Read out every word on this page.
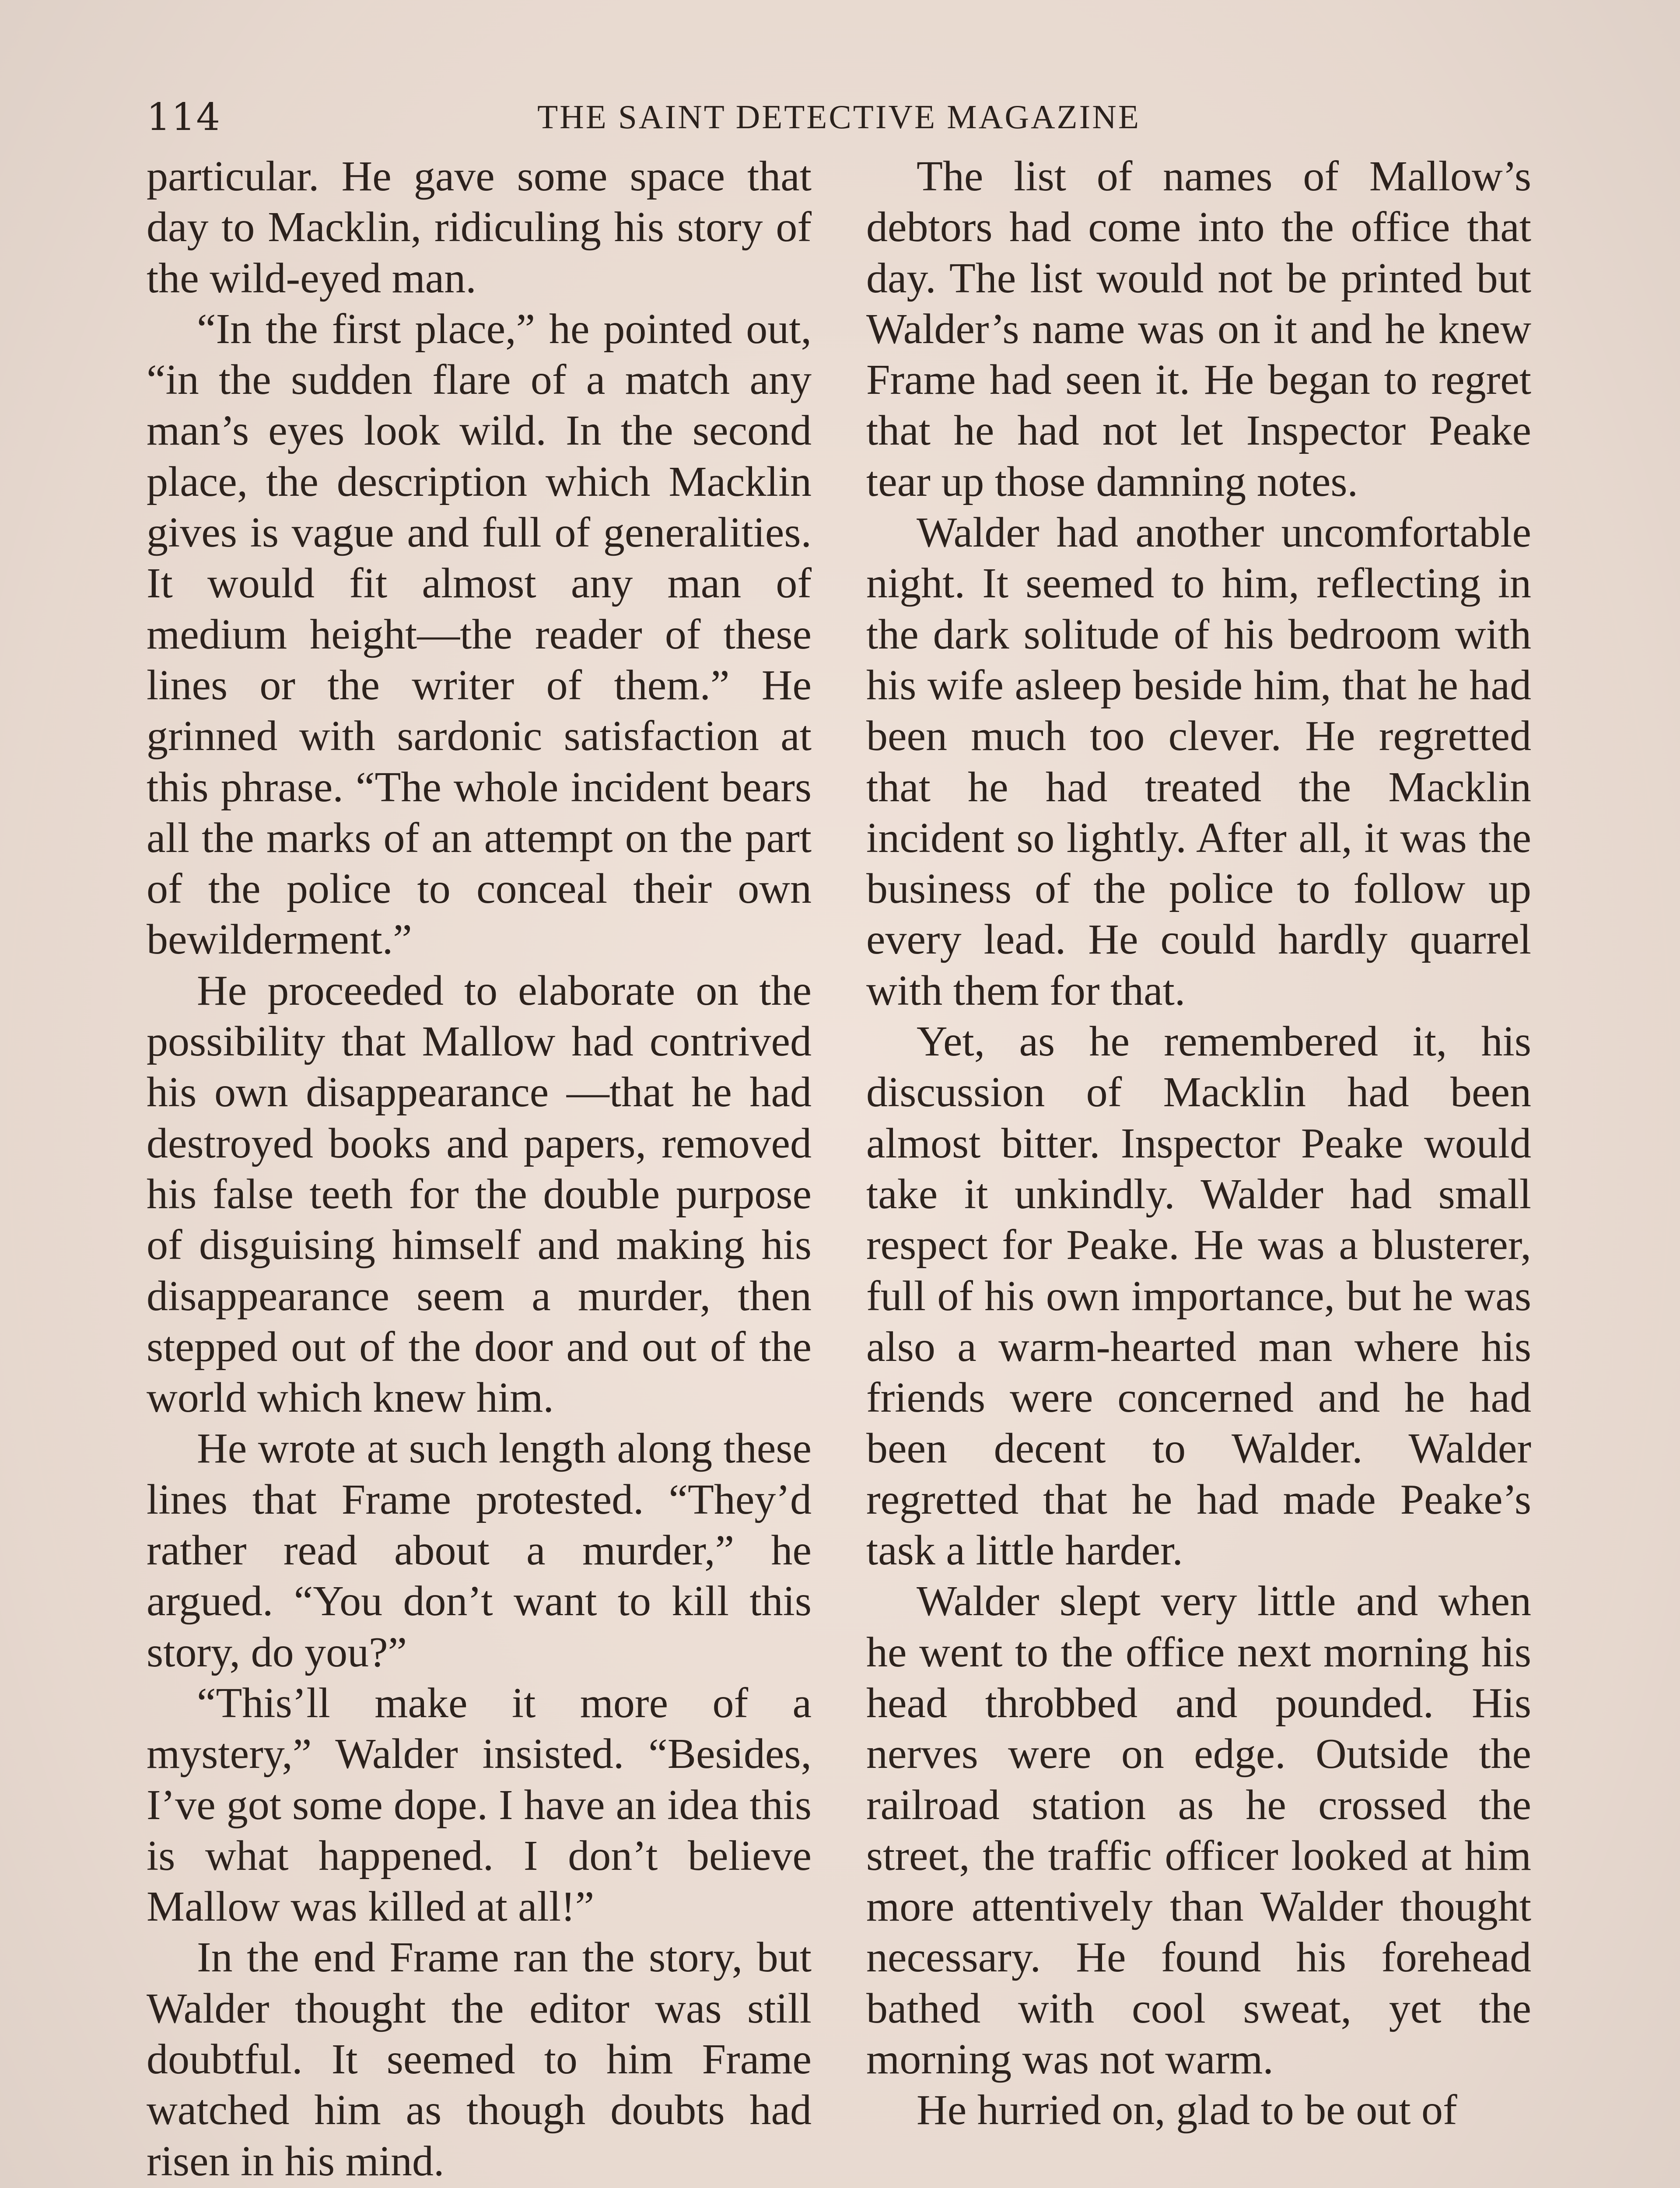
114	THE SAINT DETECTIVE MAGAZINE

particular. He gave some space that day to Macklin, ridiculing his story of the wild-eyed man.

“In the first place,” he pointed out, “in the sudden flare of a match any man’s eyes look wild. In the second place, the description which Macklin gives is vague and full of generalities. It would fit almost any man of medium height—the reader of these lines or the writer of them.” He grinned with sardonic satisfaction at this phrase. “The whole incident bears all the marks of an attempt on the part of the police to conceal their own bewilderment.”

He proceeded to elaborate on the possibility that Mallow had contrived his own disappearance —that he had destroyed books and papers, removed his false teeth for the double purpose of disguising himself and making his disappearance seem a murder, then stepped out of the door and out of the world which knew him.

He wrote at such length along these lines that Frame protested. “They’d rather read about a murder,” he argued. “You don’t want to kill this story, do you?”

“This’ll make it more of a mystery,” Walder insisted. “Besides, I’ve got some dope. I have an idea this is what happened. I don’t believe Mallow was killed at all!”

In the end Frame ran the story, but Walder thought the editor was still doubtful. It seemed to him Frame watched him as though doubts had risen in his mind.

The list of names of Mallow’s debtors had come into the office that day. The list would not be printed but Walder’s name was on it and he knew Frame had seen it. He began to regret that he had not let Inspector Peake tear up those damning notes.

Walder had another uncomfortable night. It seemed to him, reflecting in the dark solitude of his bedroom with his wife asleep beside him, that he had been much too clever. He regretted that he had treated the Macklin incident so lightly. After all, it was the business of the police to follow up every lead. He could hardly quarrel with them for that.

Yet, as he remembered it, his discussion of Macklin had been almost bitter. Inspector Peake would take it unkindly. Walder had small respect for Peake. He was a blusterer, full of his own importance, but he was also a warm-hearted man where his friends were concerned and he had been decent to Walder. Walder regretted that he had made Peake’s task a little harder.

Walder slept very little and when he went to the office next morning his head throbbed and pounded. His nerves were on edge. Outside the railroad station as he crossed the street, the traffic officer looked at him more attentively than Walder thought necessary. He found his forehead bathed with cool sweat, yet the morning was not warm.

He hurried on, glad to be out of
